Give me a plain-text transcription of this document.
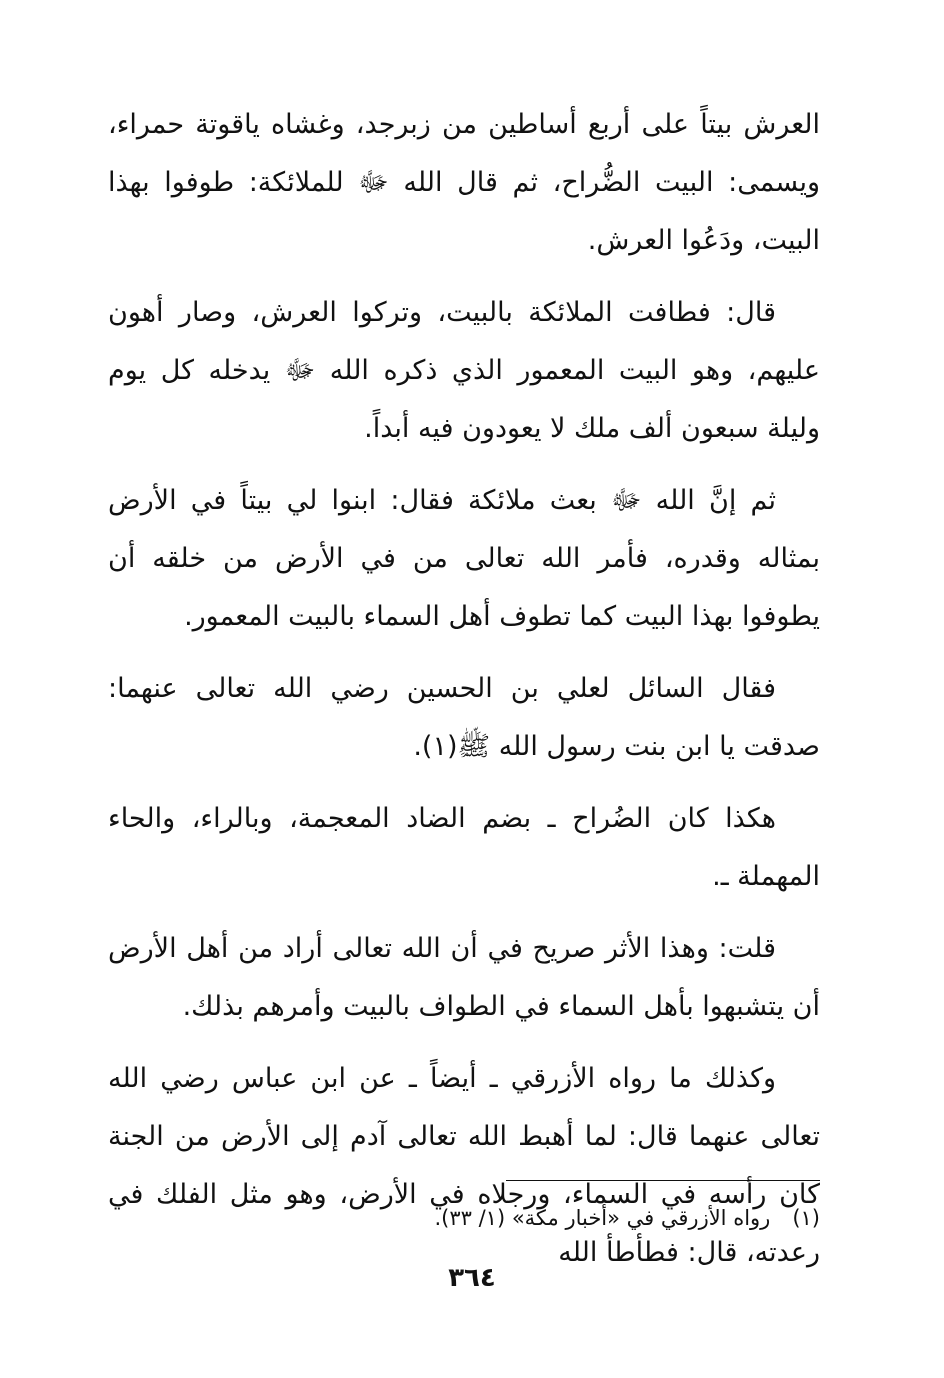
العرش بيتاً على أربع أساطين من زبرجد، وغشاه ياقوتة حمراء، ويسمى: البيت الضُّراح، ثم قال الله ﷻ للملائكة: طوفوا بهذا البيت، ودَعُوا العرش.

قال: فطافت الملائكة بالبيت، وتركوا العرش، وصار أهون عليهم، وهو البيت المعمور الذي ذكره الله ﷻ يدخله كل يوم وليلة سبعون ألف ملك لا يعودون فيه أبداً.

ثم إنَّ الله ﷻ بعث ملائكة فقال: ابنوا لي بيتاً في الأرض بمثاله وقدره، فأمر الله تعالى من في الأرض من خلقه أن يطوفوا بهذا البيت كما تطوف أهل السماء بالبيت المعمور.

فقال السائل لعلي بن الحسين رضي الله تعالى عنهما: صدقت يا ابن بنت رسول الله ﷺ(١).

هكذا كان الضُراح ـ بضم الضاد المعجمة، وبالراء، والحاء المهملة ـ.

قلت: وهذا الأثر صريح في أن الله تعالى أراد من أهل الأرض أن يتشبهوا بأهل السماء في الطواف بالبيت وأمرهم بذلك.

وكذلك ما رواه الأزرقي ـ أيضاً ـ عن ابن عباس رضي الله تعالى عنهما قال: لما أهبط الله تعالى آدم إلى الأرض من الجنة كان رأسه في السماء، ورجلاه في الأرض، وهو مثل الفلك في رعدته، قال: فطأطأ الله

(١)رواه الأزرقي في «أخبار مكة» (١/ ٣٣).
٣٦٤
